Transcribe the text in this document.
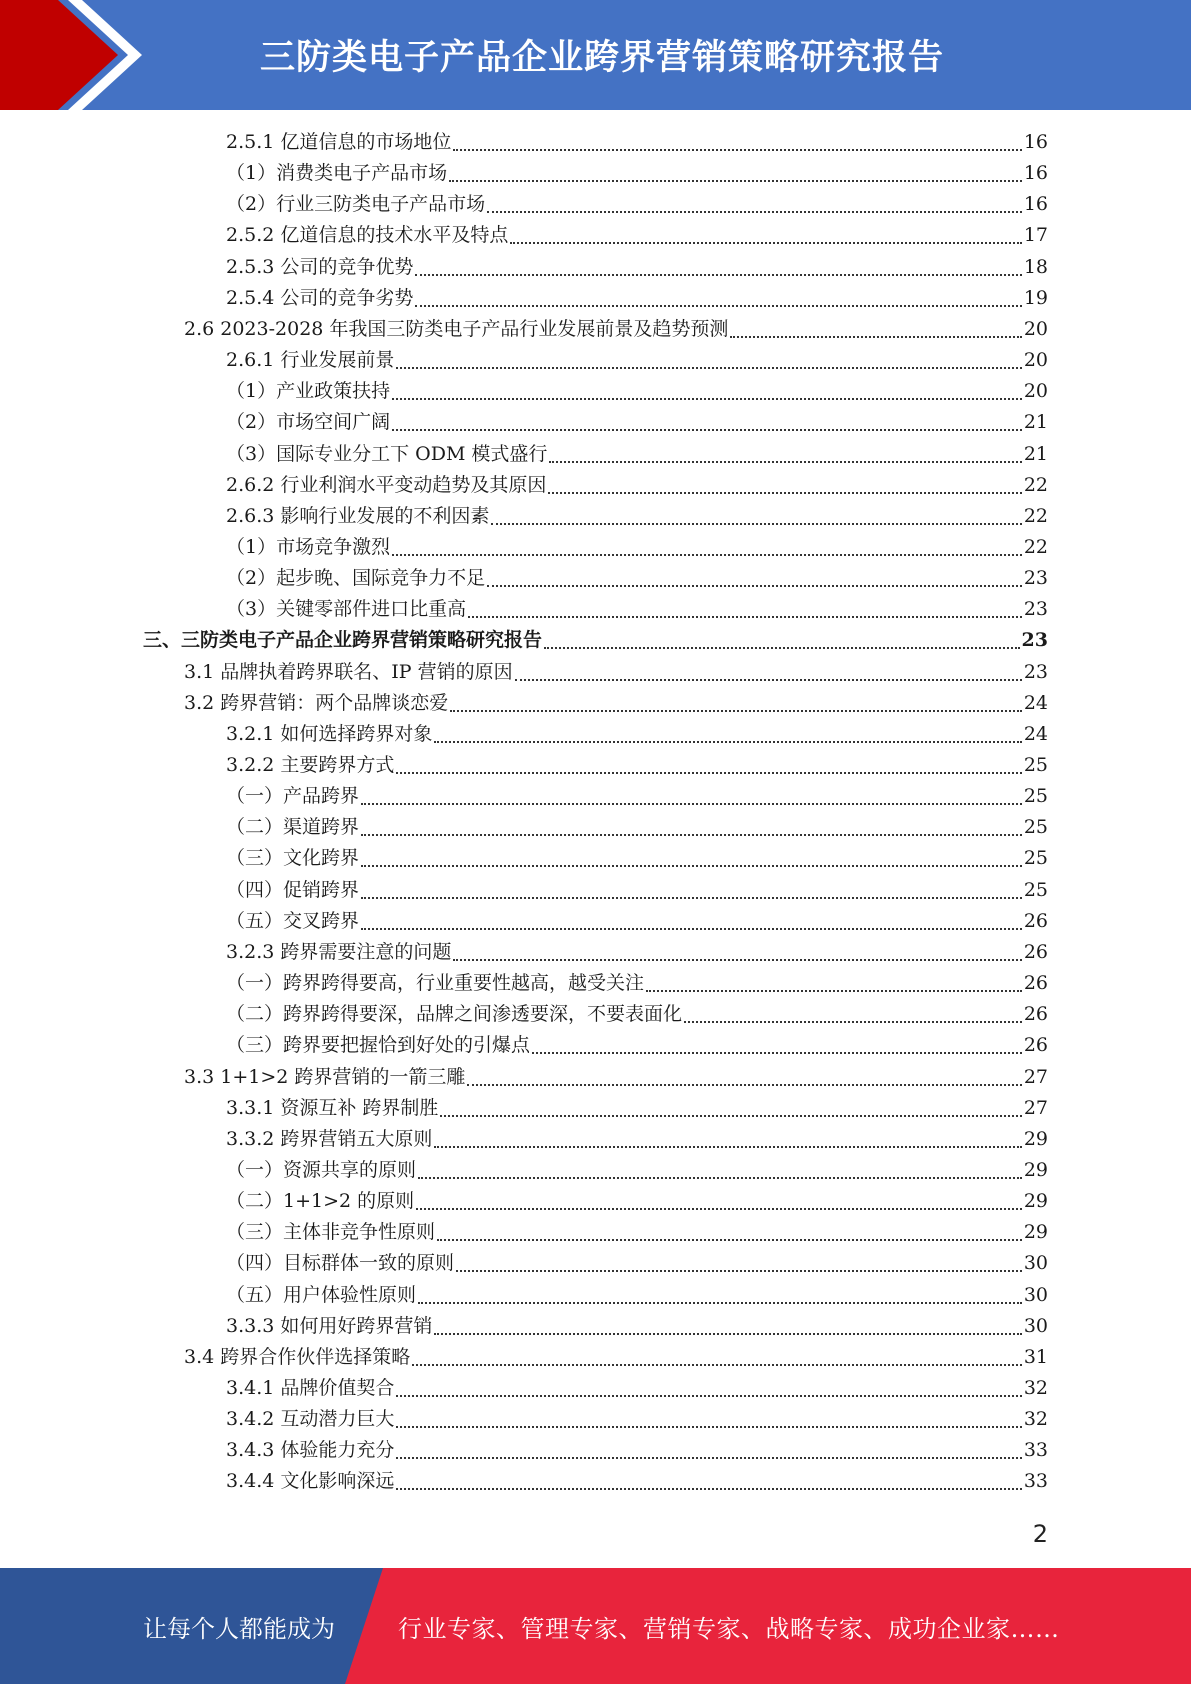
三防类电子产品企业跨界营销策略研究报告
2.5.1 亿道信息的市场地位	16
（1）消费类电子产品市场	16
（2）行业三防类电子产品市场	16
2.5.2 亿道信息的技术水平及特点	17
2.5.3 公司的竞争优势	18
2.5.4 公司的竞争劣势	19
2.6 2023-2028 年我国三防类电子产品行业发展前景及趋势预测	20
2.6.1 行业发展前景	20
（1）产业政策扶持	20
（2）市场空间广阔	21
（3）国际专业分工下 ODM 模式盛行	21
2.6.2 行业利润水平变动趋势及其原因	22
2.6.3 影响行业发展的不利因素	22
（1）市场竞争激烈	22
（2）起步晚、国际竞争力不足	23
（3）关键零部件进口比重高	23
三、三防类电子产品企业跨界营销策略研究报告	23
3.1 品牌执着跨界联名、IP 营销的原因	23
3.2 跨界营销：两个品牌谈恋爱	24
3.2.1 如何选择跨界对象	24
3.2.2 主要跨界方式	25
（一）产品跨界	25
（二）渠道跨界	25
（三）文化跨界	25
（四）促销跨界	25
（五）交叉跨界	26
3.2.3 跨界需要注意的问题	26
（一）跨界跨得要高，行业重要性越高，越受关注	26
（二）跨界跨得要深，品牌之间渗透要深，不要表面化	26
（三）跨界要把握恰到好处的引爆点	26
3.3 1+1>2 跨界营销的一箭三雕	27
3.3.1 资源互补 跨界制胜	27
3.3.2 跨界营销五大原则	29
（一）资源共享的原则	29
（二）1+1>2 的原则	29
（三）主体非竞争性原则	29
（四）目标群体一致的原则	30
（五）用户体验性原则	30
3.3.3 如何用好跨界营销	30
3.4 跨界合作伙伴选择策略	31
3.4.1 品牌价值契合	32
3.4.2 互动潜力巨大	32
3.4.3 体验能力充分	33
3.4.4 文化影响深远	33
2
让每个人都能成为	行业专家、管理专家、营销专家、战略专家、成功企业家……
